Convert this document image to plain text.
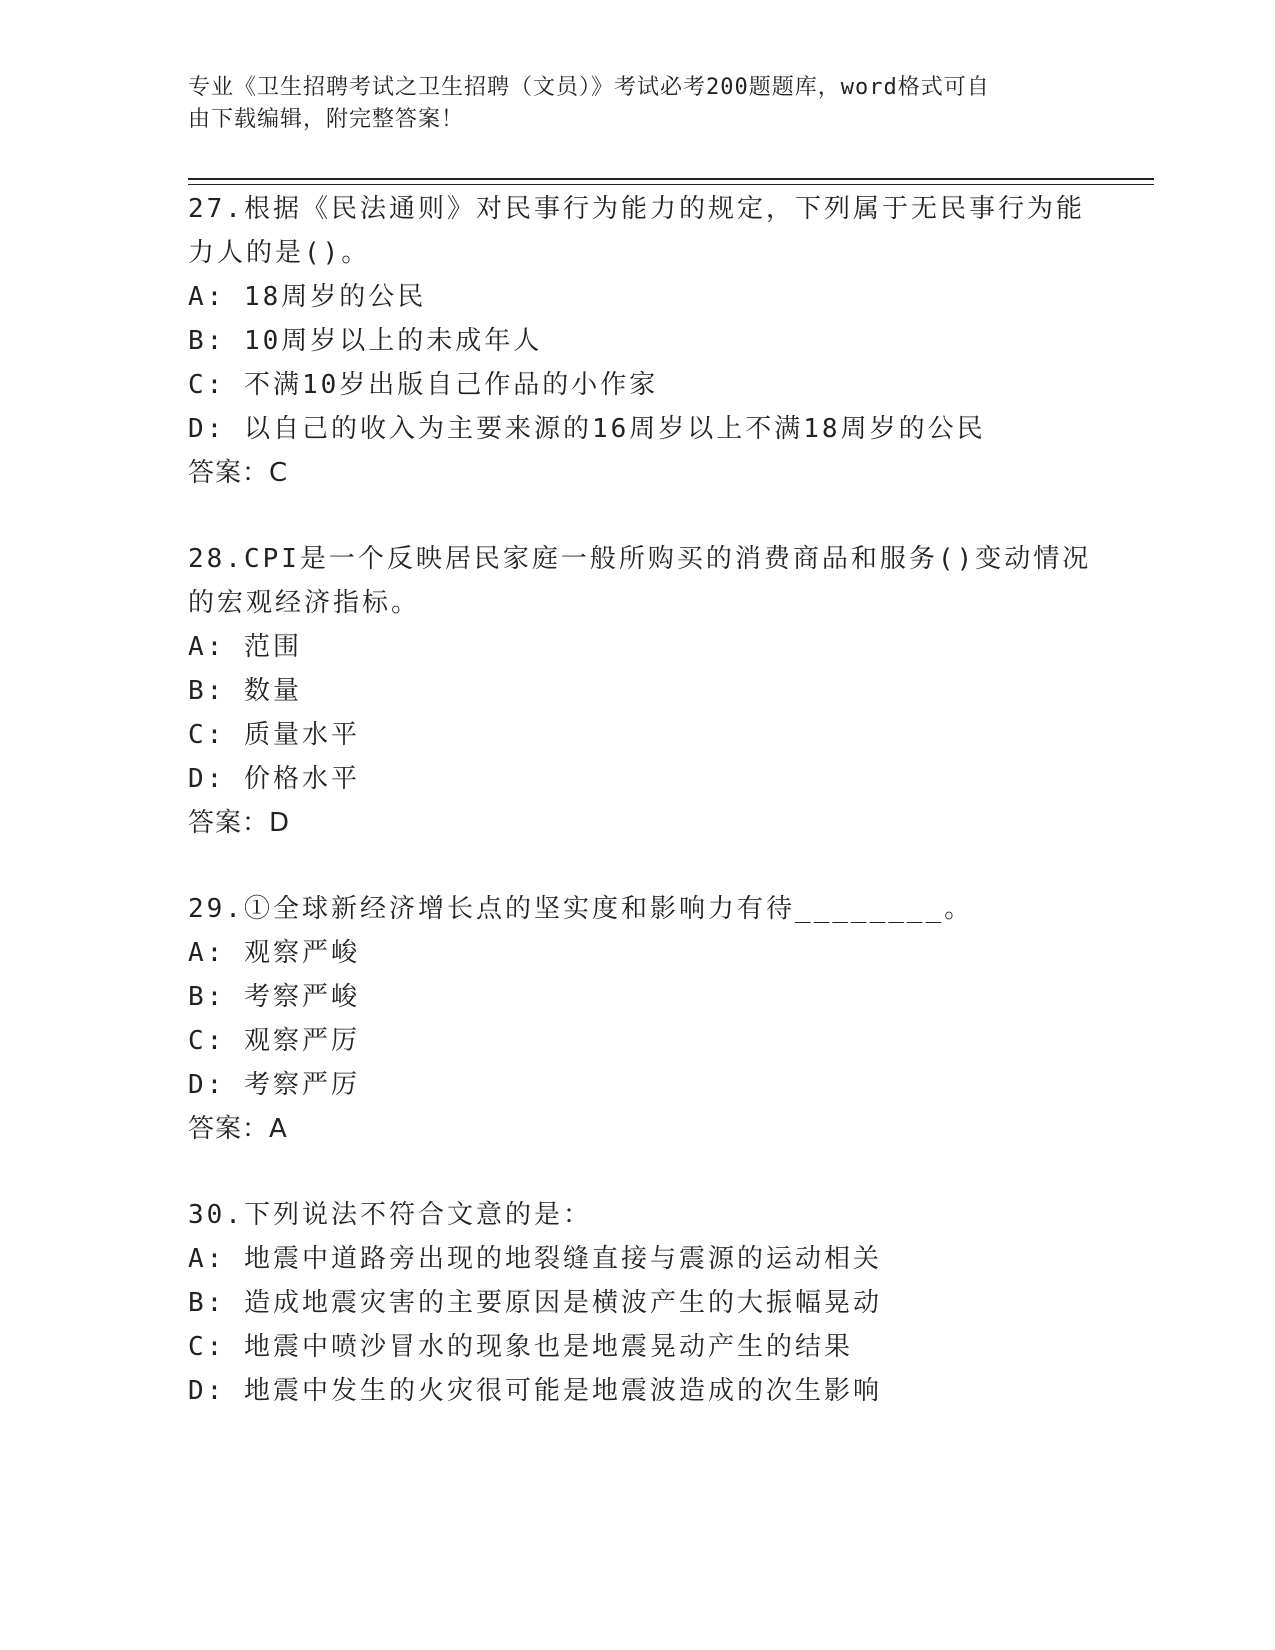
专业《卫生招聘考试之卫生招聘（文员）》考试必考200题题库，word格式可自
由下载编辑，附完整答案！
27.根据《民法通则》对民事行为能力的规定，下列属于无民事行为能
力人的是()。
A: 18周岁的公民
B: 10周岁以上的未成年人
C: 不满10岁出版自己作品的小作家
D: 以自己的收入为主要来源的16周岁以上不满18周岁的公民
答案：C
28.CPI是一个反映居民家庭一般所购买的消费商品和服务()变动情况
的宏观经济指标。
A: 范围
B: 数量
C: 质量水平
D: 价格水平
答案：D
29.①全球新经济增长点的坚实度和影响力有待________。
A: 观察严峻
B: 考察严峻
C: 观察严厉
D: 考察严厉
答案：A
30.下列说法不符合文意的是：
A: 地震中道路旁出现的地裂缝直接与震源的运动相关
B: 造成地震灾害的主要原因是横波产生的大振幅晃动
C: 地震中喷沙冒水的现象也是地震晃动产生的结果
D: 地震中发生的火灾很可能是地震波造成的次生影响
